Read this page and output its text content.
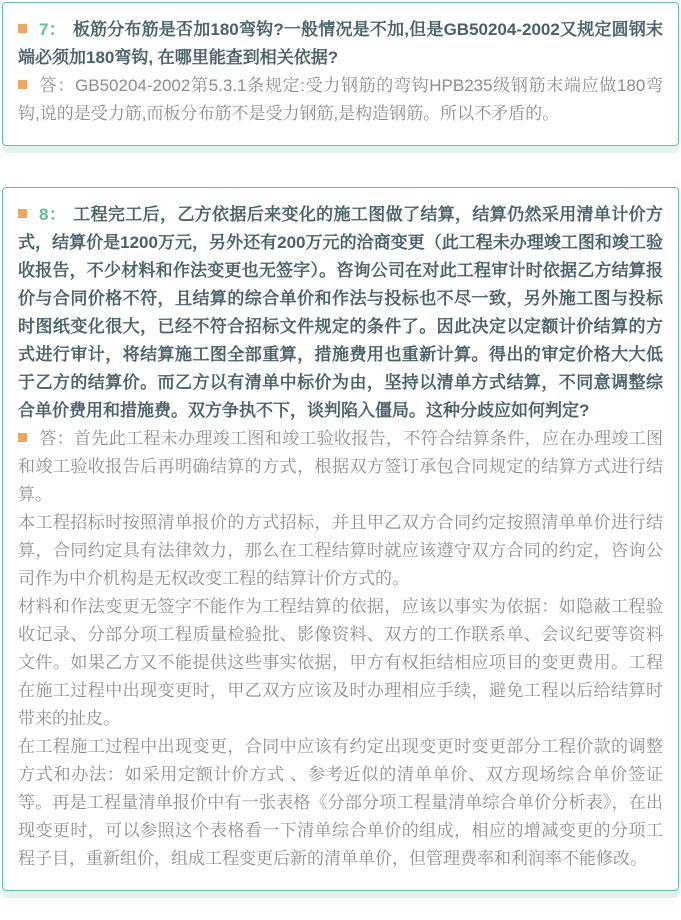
7： 板筋分布筋是否加180弯钩?一般情况是不加,但是GB50204-2002又规定圆钢末端必须加180弯钩, 在哪里能查到相关依据?

答：GB50204-2002第5.3.1条规定:受力钢筋的弯钩HPB235级钢筋末端应做180弯钩,说的是受力筋,而板分布筋不是受力钢筋,是构造钢筋。所以不矛盾的。

8： 工程完工后，乙方依据后来变化的施工图做了结算，结算仍然采用清单计价方式，结算价是1200万元，另外还有200万元的洽商变更（此工程未办理竣工图和竣工验收报告，不少材料和作法变更也无签字）。咨询公司在对此工程审计时依据乙方结算报价与合同价格不符，且结算的综合单价和作法与投标也不尽一致，另外施工图与投标时图纸变化很大，已经不符合招标文件规定的条件了。因此决定以定额计价结算的方式进行审计，将结算施工图全部重算，措施费用也重新计算。得出的审定价格大大低于乙方的结算价。而乙方以有清单中标价为由，坚持以清单方式结算，不同意调整综合单价费用和措施费。双方争执不下，谈判陷入僵局。这种分歧应如何判定?

答：首先此工程未办理竣工图和竣工验收报告，不符合结算条件，应在办理竣工图和竣工验收报告后再明确结算的方式，根据双方签订承包合同规定的结算方式进行结算。

本工程招标时按照清单报价的方式招标，并且甲乙双方合同约定按照清单单价进行结算，合同约定具有法律效力，那么在工程结算时就应该遵守双方合同的约定，咨询公司作为中介机构是无权改变工程的结算计价方式的。

材料和作法变更无签字不能作为工程结算的依据，应该以事实为依据：如隐蔽工程验收记录、分部分项工程质量检验批、影像资料、双方的工作联系单、会议纪要等资料文件。如果乙方又不能提供这些事实依据，甲方有权拒结相应项目的变更费用。工程在施工过程中出现变更时，甲乙双方应该及时办理相应手续，避免工程以后给结算时带来的扯皮。

在工程施工过程中出现变更，合同中应该有约定出现变更时变更部分工程价款的调整方式和办法：如采用定额计价方式 、参考近似的清单单价、双方现场综合单价签证等。再是工程量清单报价中有一张表格《分部分项工程量清单综合单价分析表》，在出现变更时，可以参照这个表格看一下清单综合单价的组成，相应的增减变更的分项工程子目，重新组价，组成工程变更后新的清单单价，但管理费率和利润率不能修改。
